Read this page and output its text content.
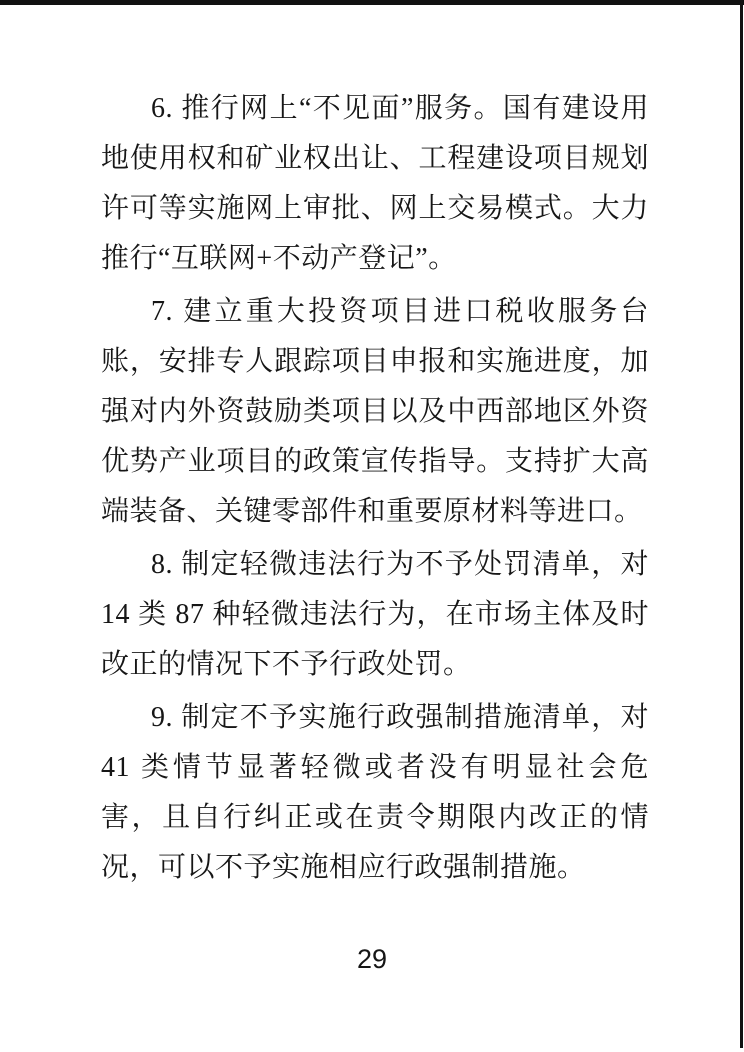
6. 推行网上“不见面”服务。国有建设用地使用权和矿业权出让、工程建设项目规划许可等实施网上审批、网上交易模式。大力推行“互联网+不动产登记”。

7. 建立重大投资项目进口税收服务台账，安排专人跟踪项目申报和实施进度，加强对内外资鼓励类项目以及中西部地区外资优势产业项目的政策宣传指导。支持扩大高端装备、关键零部件和重要原材料等进口。

8. 制定轻微违法行为不予处罚清单，对 14 类 87 种轻微违法行为，在市场主体及时改正的情况下不予行政处罚。

9. 制定不予实施行政强制措施清单，对 41 类情节显著轻微或者没有明显社会危害，且自行纠正或在责令期限内改正的情况，可以不予实施相应行政强制措施。

29
